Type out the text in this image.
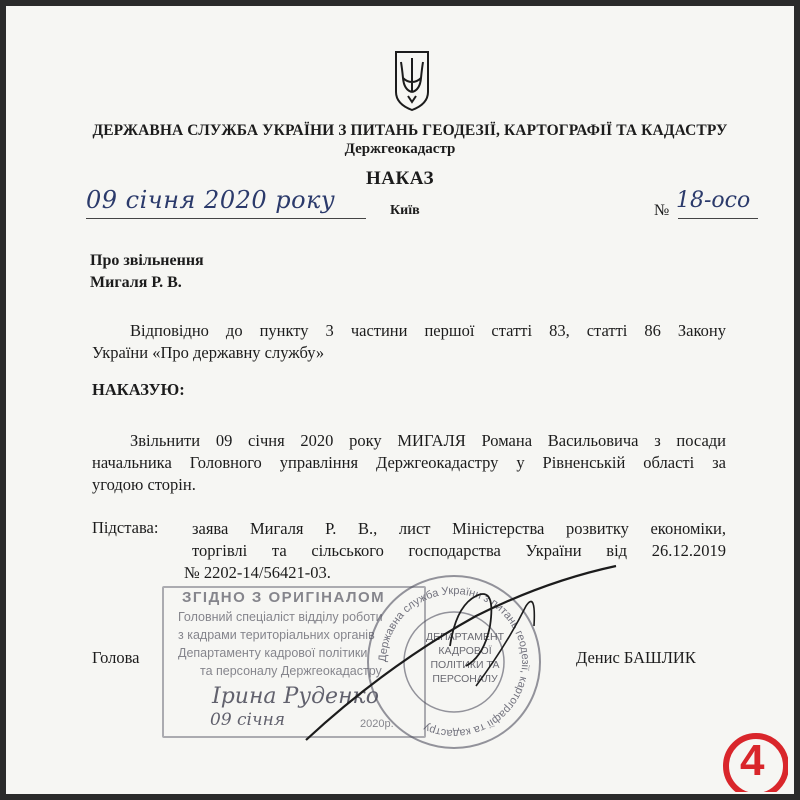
ДЕРЖАВНА СЛУЖБА УКРАЇНИ З ПИТАНЬ ГЕОДЕЗІЇ, КАРТОГРАФІЇ ТА КАДАСТРУ
Держгеокадастр
НАКАЗ
09 січня 2020 року	Київ	№ 18-осо
Про звільнення
Мигаля Р. В.
Відповідно до пункту 3 частини першої статті 83, статті 86 Закону
України «Про державну службу»
НАКАЗУЮ:
Звільнити 09 січня 2020 року МИГАЛЯ Романа Васильовича з посади
начальника Головного управління Держгеокадастру у Рівненській області за
угодою сторін.
Підстава: заява Мигаля Р. В., лист Міністерства розвитку економіки,
торгівлі та сільського господарства України від 26.12.2019
№ 2202-14/56421-03.
ЗГІДНО З ОРИГІНАЛОМ
Головний спеціаліст відділу роботи
з кадрами територіальних органів
Департаменту кадрової політики
та персоналу Держгеокадастру
Ірина Руденко
09 січня	2020р.
Державна служба України з питань геодезії, картографії та кадастру
ДЕПАРТАМЕНТ КАДРОВОЇ ПОЛІТИКИ ТА ПЕРСОНАЛУ
Голова	Денис БАШЛИК
4
